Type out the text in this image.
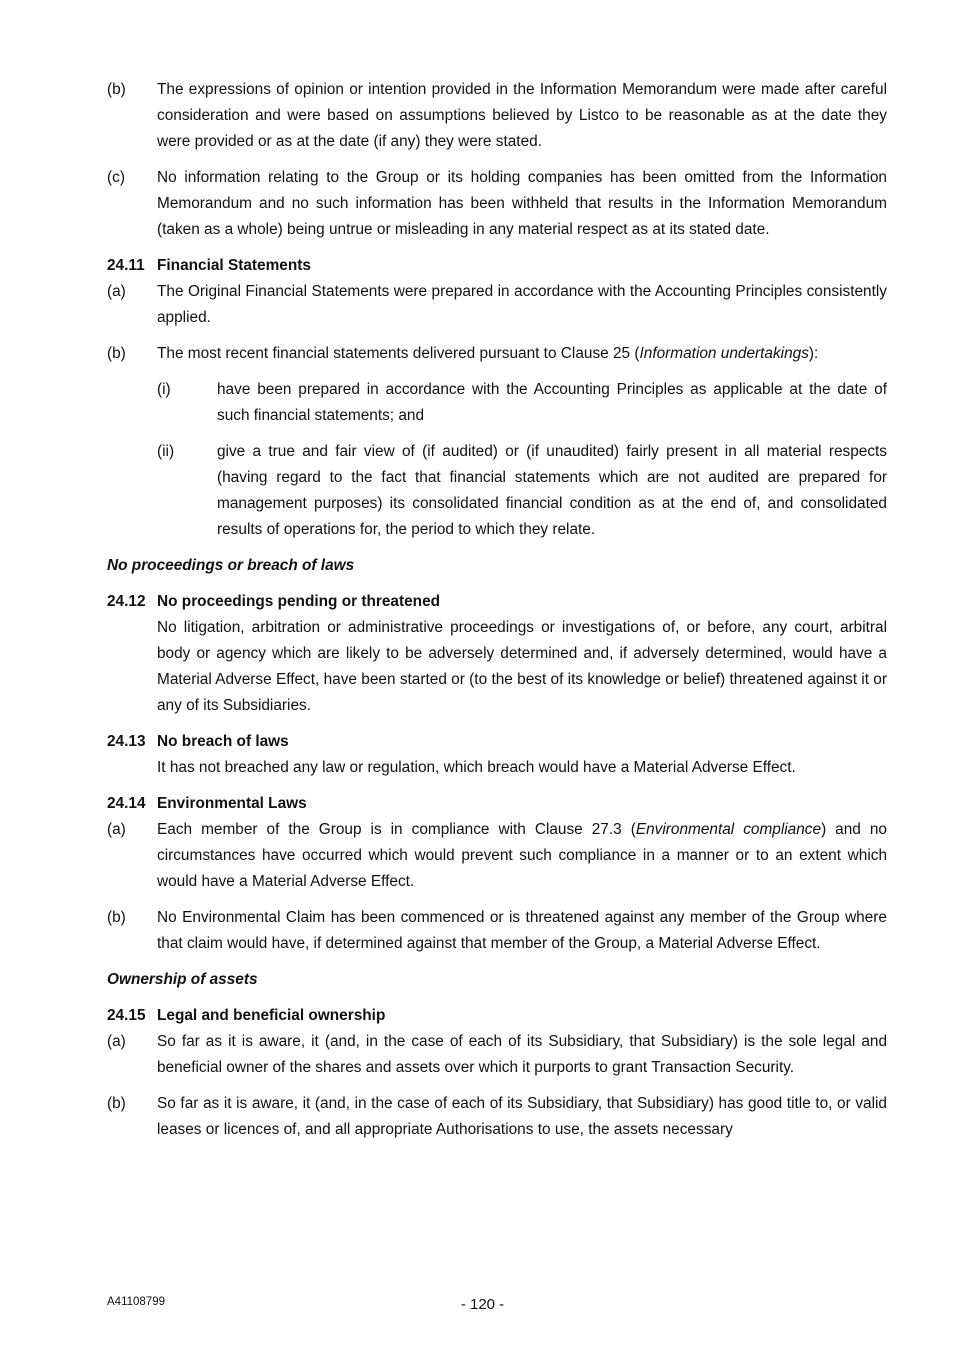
(b)	The expressions of opinion or intention provided in the Information Memorandum were made after careful consideration and were based on assumptions believed by Listco to be reasonable as at the date they were provided or as at the date (if any) they were stated.
(c)	No information relating to the Group or its holding companies has been omitted from the Information Memorandum and no such information has been withheld that results in the Information Memorandum (taken as a whole) being untrue or misleading in any material respect as at its stated date.
24.11 Financial Statements
(a)	The Original Financial Statements were prepared in accordance with the Accounting Principles consistently applied.
(b)	The most recent financial statements delivered pursuant to Clause 25 (Information undertakings):
(i)	have been prepared in accordance with the Accounting Principles as applicable at the date of such financial statements; and
(ii)	give a true and fair view of (if audited) or (if unaudited) fairly present in all material respects (having regard to the fact that financial statements which are not audited are prepared for management purposes) its consolidated financial condition as at the end of, and consolidated results of operations for, the period to which they relate.
No proceedings or breach of laws
24.12 No proceedings pending or threatened
No litigation, arbitration or administrative proceedings or investigations of, or before, any court, arbitral body or agency which are likely to be adversely determined and, if adversely determined, would have a Material Adverse Effect, have been started or (to the best of its knowledge or belief) threatened against it or any of its Subsidiaries.
24.13 No breach of laws
It has not breached any law or regulation, which breach would have a Material Adverse Effect.
24.14 Environmental Laws
(a)	Each member of the Group is in compliance with Clause 27.3 (Environmental compliance) and no circumstances have occurred which would prevent such compliance in a manner or to an extent which would have a Material Adverse Effect.
(b)	No Environmental Claim has been commenced or is threatened against any member of the Group where that claim would have, if determined against that member of the Group, a Material Adverse Effect.
Ownership of assets
24.15 Legal and beneficial ownership
(a)	So far as it is aware, it (and, in the case of each of its Subsidiary, that Subsidiary) is the sole legal and beneficial owner of the shares and assets over which it purports to grant Transaction Security.
(b)	So far as it is aware, it (and, in the case of each of its Subsidiary, that Subsidiary) has good title to, or valid leases or licences of, and all appropriate Authorisations to use, the assets necessary
A41108799	- 120 -
